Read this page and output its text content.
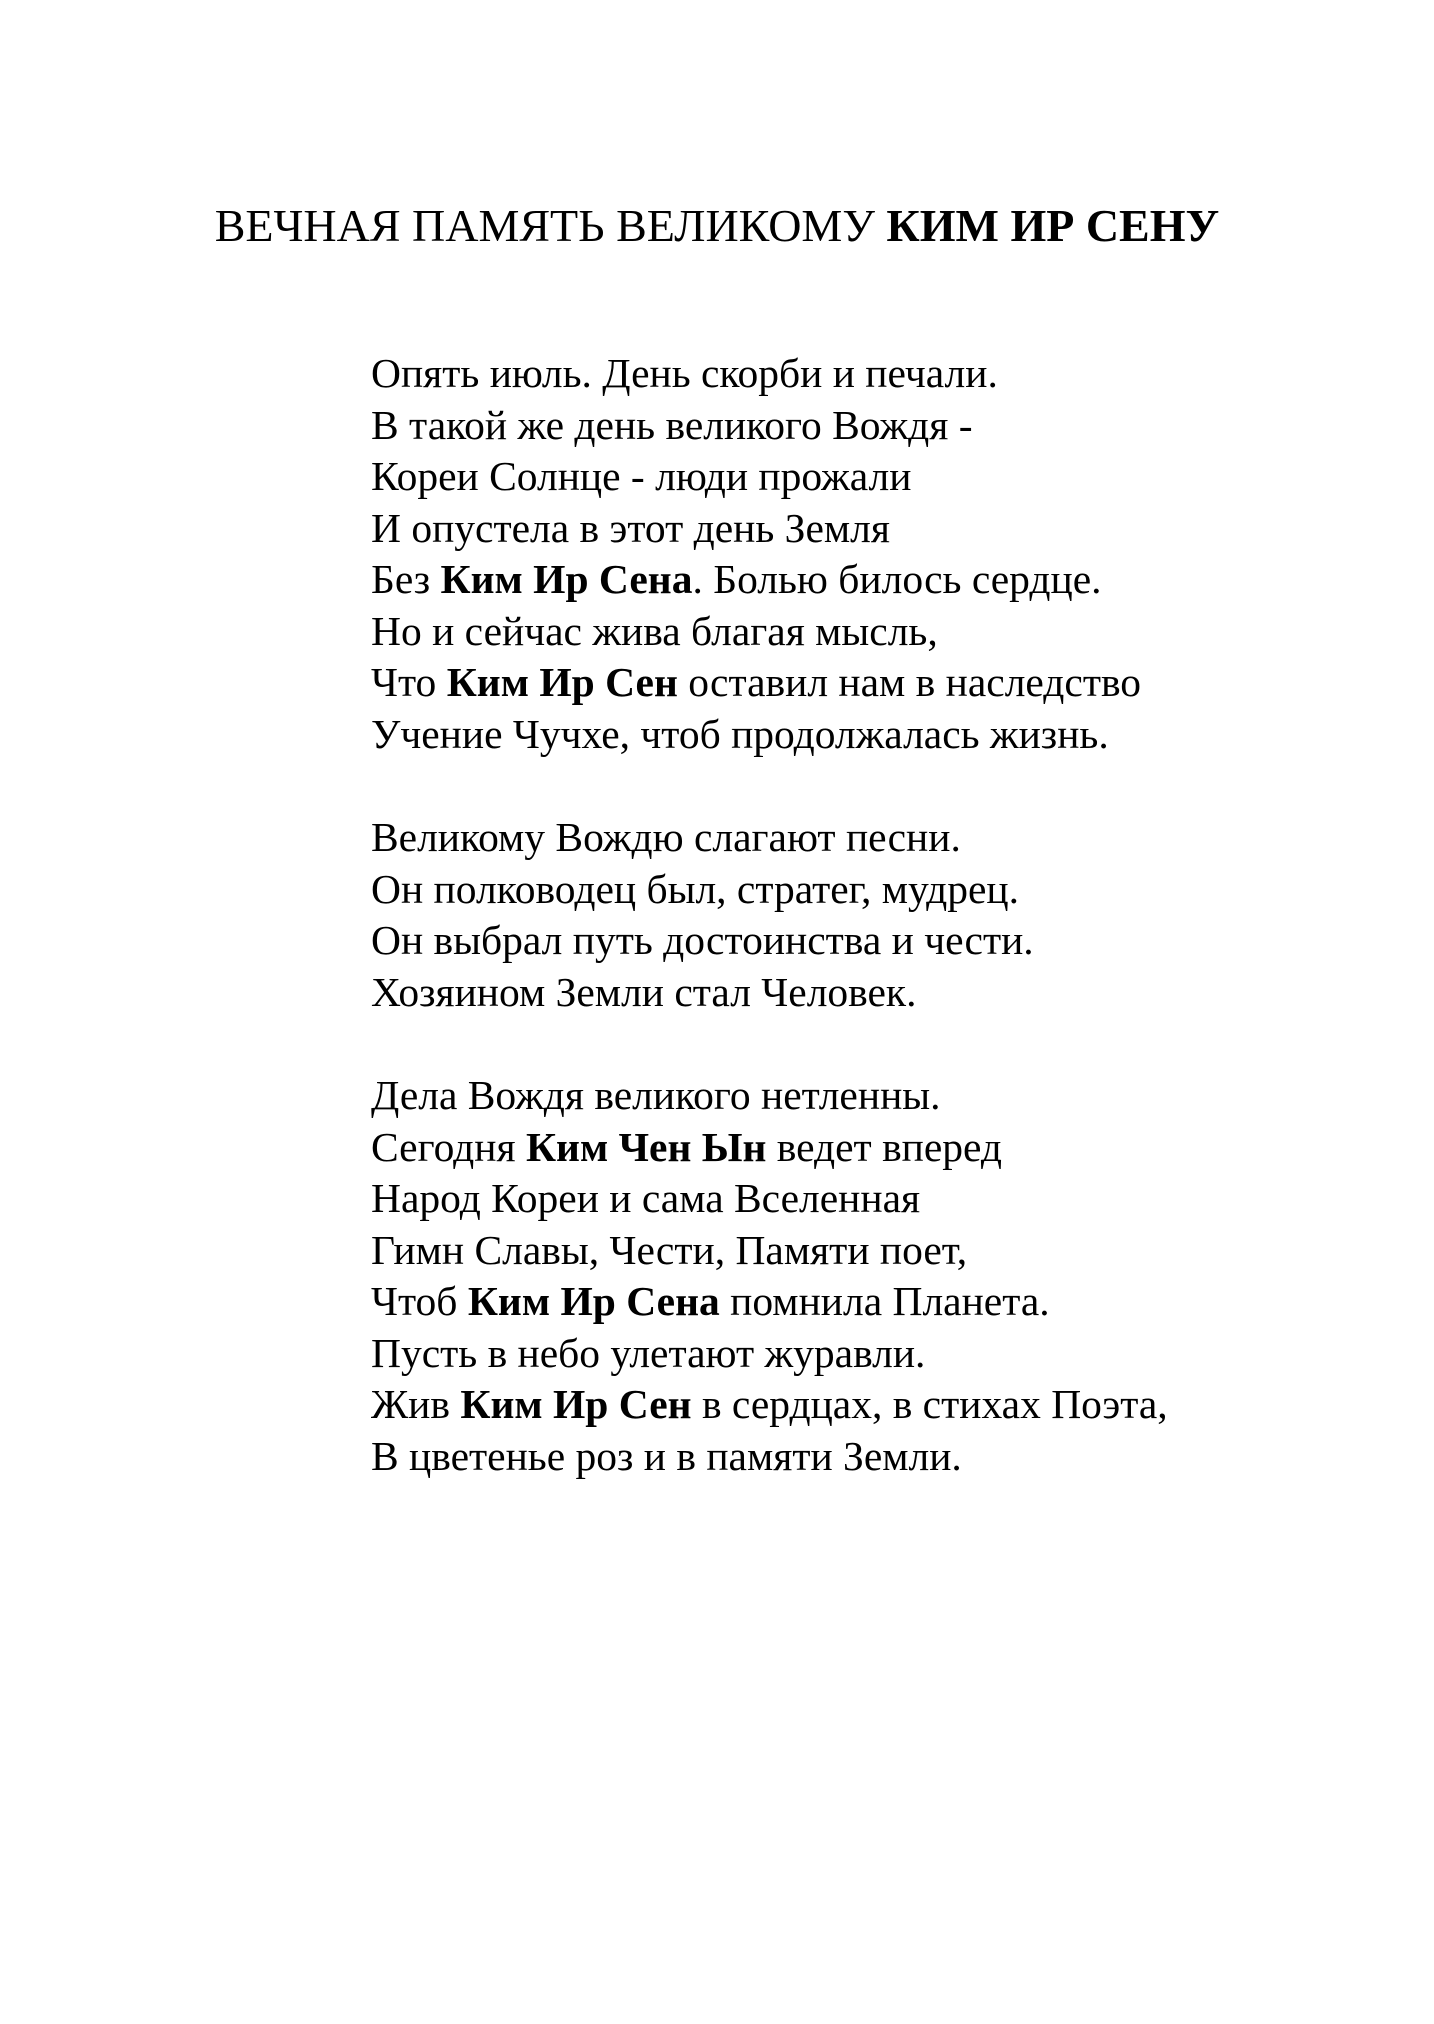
ВЕЧНАЯ ПАМЯТЬ ВЕЛИКОМУ КИМ ИР СЕНУ
Опять июль. День скорби и печали.
В такой же день великого Вождя -
Кореи Солнце - люди прожали
И опустела в этот день Земля
Без Ким Ир Сена. Болью билось сердце.
Но и сейчас жива благая мысль,
Что Ким Ир Сен оставил нам в наследство
Учение Чучхе, чтоб продолжалась жизнь.
Великому Вождю слагают песни.
Он полководец был, стратег, мудрец.
Он выбрал путь достоинства и чести.
Хозяином Земли стал Человек.
Дела Вождя великого нетленны.
Сегодня Ким Чен Ын ведет вперед
Народ Кореи и сама Вселенная
Гимн Славы, Чести, Памяти поет,
Чтоб Ким Ир Сена помнила Планета.
Пусть в небо улетают журавли.
Жив Ким Ир Сен в сердцах, в стихах Поэта,
В цветенье роз и в памяти Земли.
